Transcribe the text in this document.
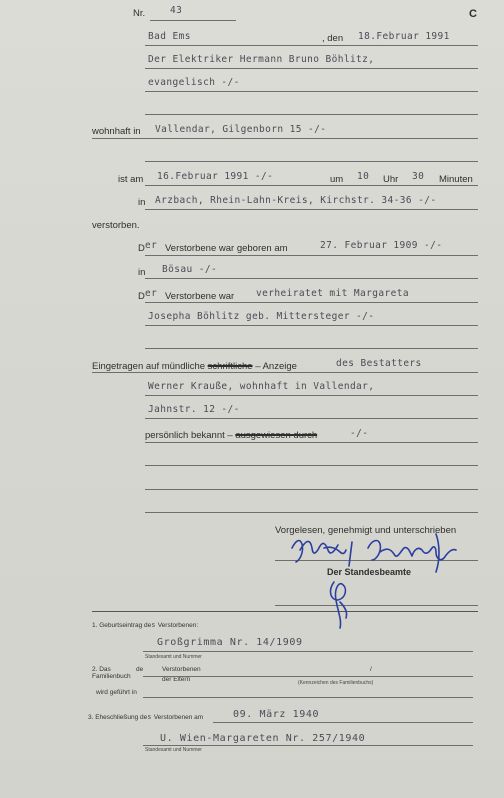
Nr.	43	C
Bad Ems	, den 18.Februar 1991
Der Elektriker Hermann Bruno Böhlitz,
evangelisch -/-
wohnhaft in Vallendar, Gilgenborn 15 -/-
ist am 16.Februar 1991 -/-	um 10 Uhr 30 Minuten
in Arzbach, Rhein-Lahn-Kreis, Kirchstr. 34-36 -/-
verstorben.
D er Verstorbene war geboren am	27. Februar 1909 -/-
in Bösau -/-
D er Verstorbene war verheiratet mit Margareta
Josepha Böhlitz geb. Mittersteger -/-
Eingetragen auf mündliche schriftliche – Anzeige	des Bestatters
Werner Krauße, wohnhaft in Vallendar,
Jahnstr. 12 -/-
persönlich bekannt – ausgewiesen durch	-/-
Vorgelesen, genehmigt und unterschrieben
Der Standesbeamte
1. Geburtseintrag des Verstorbenen:
Großgrimma Nr. 14/1909
Standesamt und Nummer
2. Das
Familienbuch
de	Verstorbenen
der Eltern
/
(Kennzeichen des Familienbuchs)
wird geführt in
3. Eheschließung des Verstorbenen am	09. März 1940
U. Wien-Margareten Nr. 257/1940
Standesamt und Nummer
